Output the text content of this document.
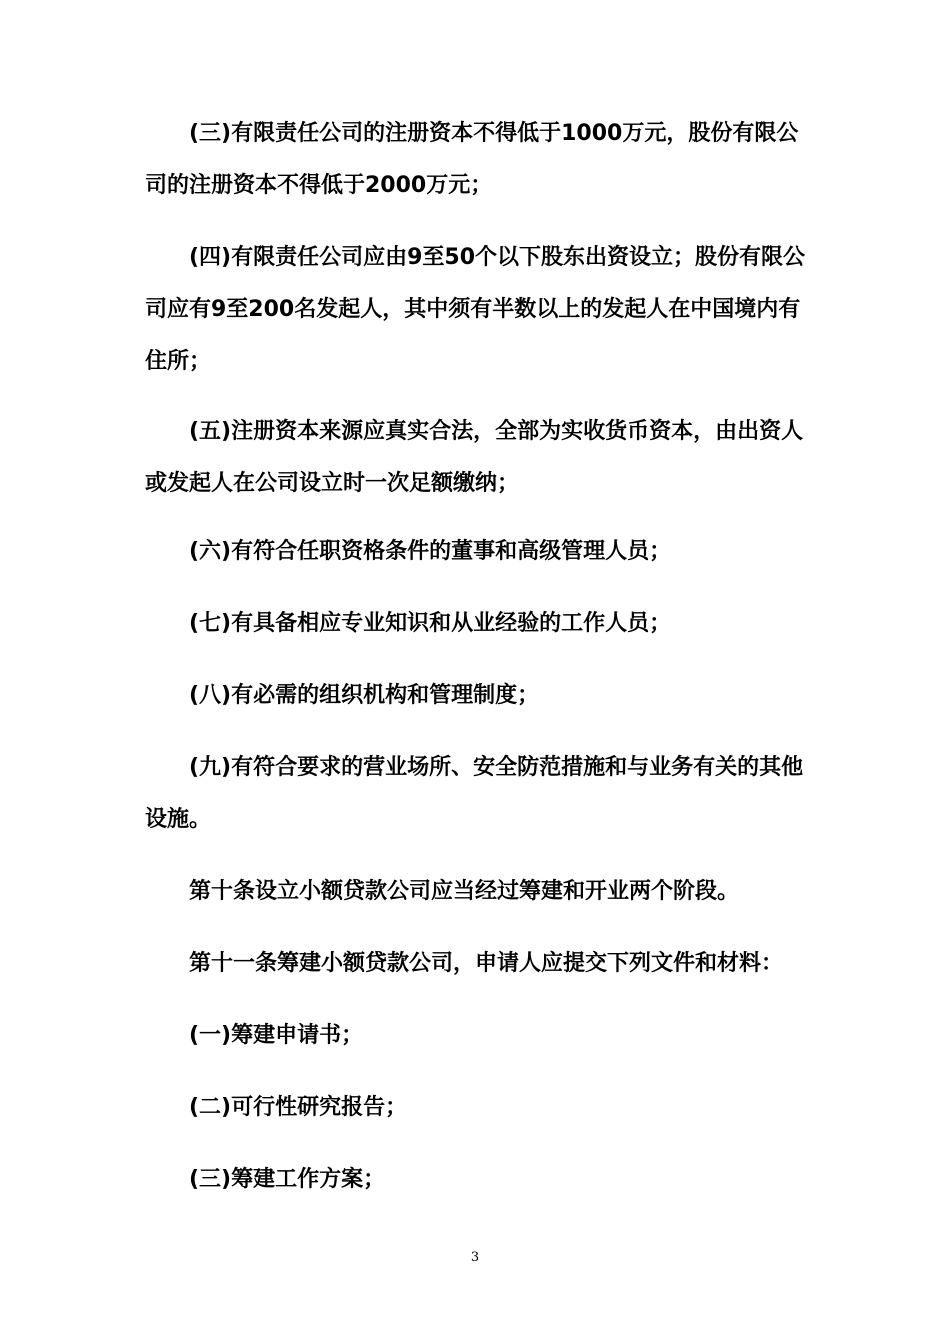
(三)有限责任公司的注册资本不得低于1000万元，股份有限公司的注册资本不得低于2000万元；

(四)有限责任公司应由9至50个以下股东出资设立；股份有限公司应有9至200名发起人，其中须有半数以上的发起人在中国境内有住所；

(五)注册资本来源应真实合法，全部为实收货币资本，由出资人或发起人在公司设立时一次足额缴纳；

(六)有符合任职资格条件的董事和高级管理人员；

(七)有具备相应专业知识和从业经验的工作人员；

(八)有必需的组织机构和管理制度；

(九)有符合要求的营业场所、安全防范措施和与业务有关的其他设施。

第十条设立小额贷款公司应当经过筹建和开业两个阶段。

第十一条筹建小额贷款公司，申请人应提交下列文件和材料：

(一)筹建申请书；

(二)可行性研究报告；

(三)筹建工作方案；

3
